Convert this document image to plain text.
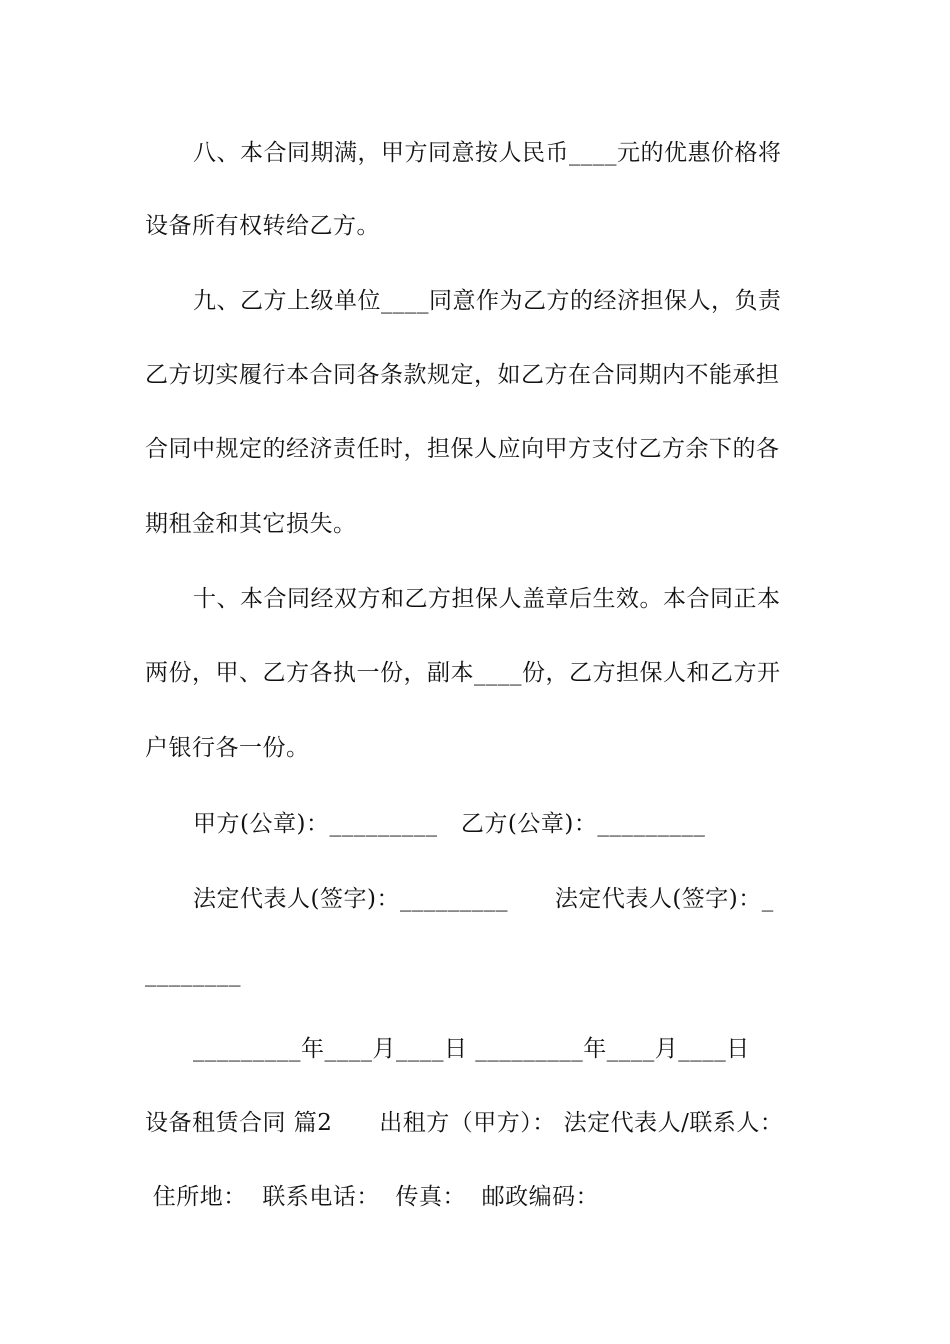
八、本合同期满，甲方同意按人民币____元的优惠价格将
设备所有权转给乙方。
九、乙方上级单位____同意作为乙方的经济担保人，负责
乙方切实履行本合同各条款规定，如乙方在合同期内不能承担
合同中规定的经济责任时，担保人应向甲方支付乙方余下的各
期租金和其它损失。
十、本合同经双方和乙方担保人盖章后生效。本合同正本
两份，甲、乙方各执一份，副本____份，乙方担保人和乙方开
户银行各一份。
甲方(公章)：_________   乙方(公章)：_________
法定代表人(签字)：_________      法定代表人(签字)：_
________
_________年____月____日 _________年____月____日
设备租赁合同 篇2      出租方（甲方）： 法定代表人/联系人：
住所地：  联系电话：  传真：  邮政编码：
